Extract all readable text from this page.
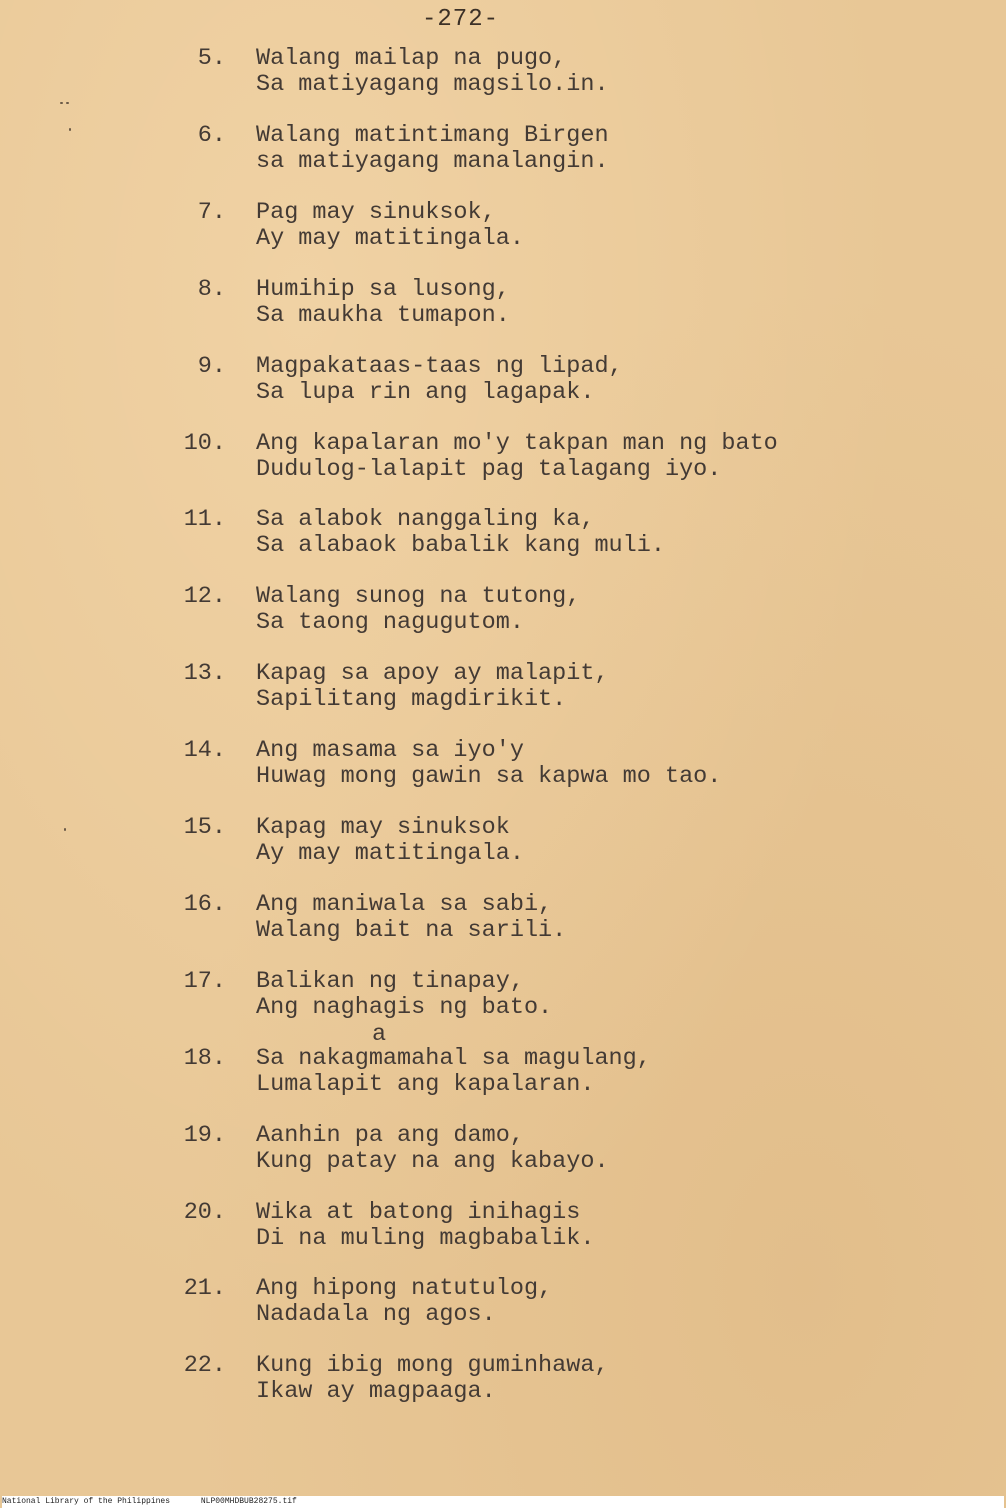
-272-
5. Walang mailap na pugo,
Sa matiyagang magsilo.in.
6. Walang matintimang Birgen
sa matiyagang manalangin.
7. Pag may sinuksok,
Ay may matitingala.
8. Humihip sa lusong,
Sa maukha tumapon.
9. Magpakataas-taas ng lipad,
Sa lupa rin ang lagapak.
10. Ang kapalaran mo'y takpan man ng bato
Dudulog-lalapit pag talagang iyo.
11. Sa alabok nanggaling ka,
Sa alabaok babalik kang muli.
12. Walang sunog na tutong,
Sa taong nagugutom.
13. Kapag sa apoy ay malapit,
Sapilitang magdirikit.
14. Ang masama sa iyo'y
Huwag mong gawin sa kapwa mo tao.
15. Kapag may sinuksok
Ay may matitingala.
16. Ang maniwala sa sabi,
Walang bait na sarili.
17. Balikan ng tinapay,
Ang naghagis ng bato.
18. Sa nakagmamahal sa magulang,
Lumalapit ang kapalaran.
a
19. Aanhin pa ang damo,
Kung patay na ang kabayo.
20. Wika at batong inihagis
Di na muling magbabalik.
21. Ang hipong natutulog,
Nadadala ng agos.
22. Kung ibig mong guminhawa,
Ikaw ay magpaaga.
National Library of the Philippines	NLP00MHDBUB28275.tif
